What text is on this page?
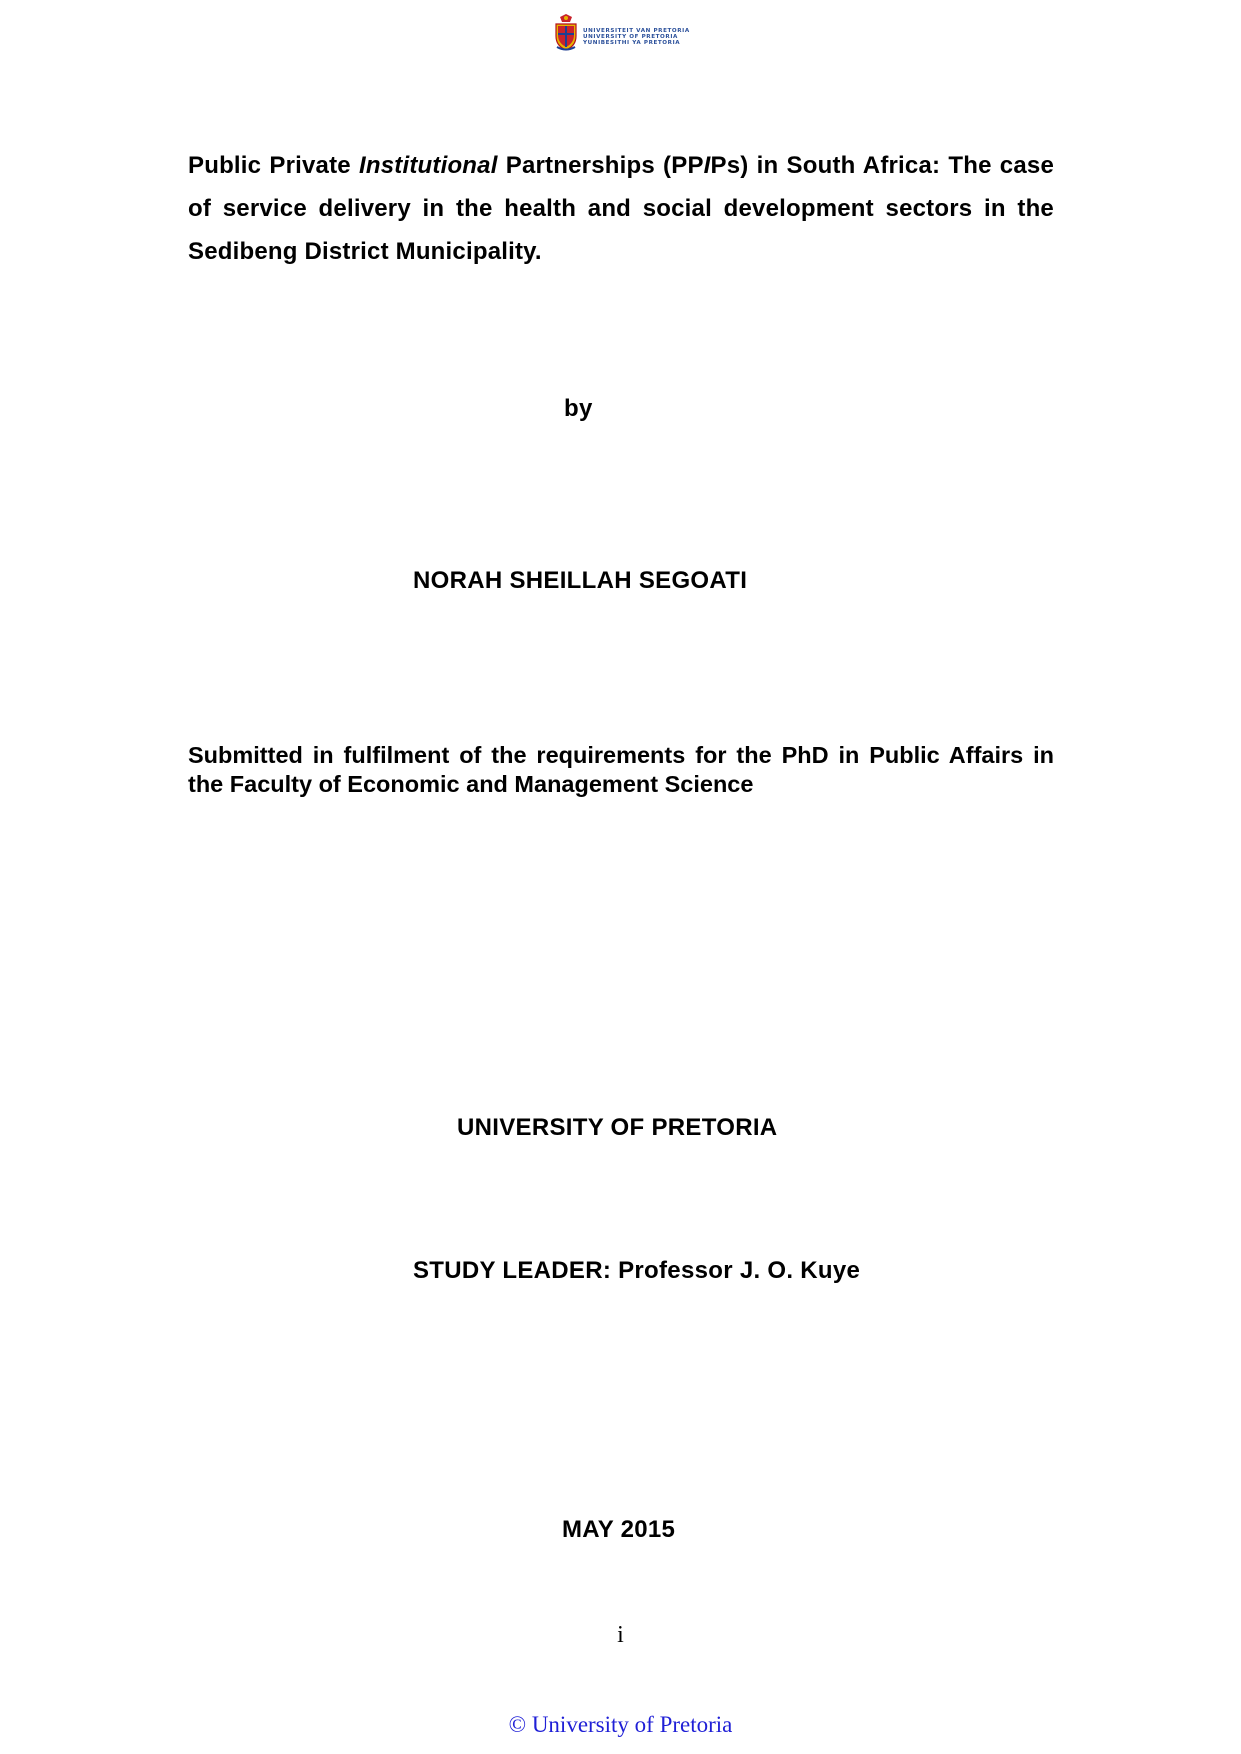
UNIVERSITEIT VAN PRETORIA
UNIVERSITY OF PRETORIA
YUNIBESITHI YA PRETORIA
Public Private Institutional Partnerships (PPIPs) in South Africa: The case of service delivery in the health and social development sectors in the Sedibeng District Municipality.
by
NORAH SHEILLAH SEGOATI
Submitted in fulfilment of the requirements for the PhD in Public Affairs in the Faculty of Economic and Management Science
UNIVERSITY OF PRETORIA
STUDY LEADER: Professor J. O. Kuye
MAY 2015
i
© University of Pretoria
